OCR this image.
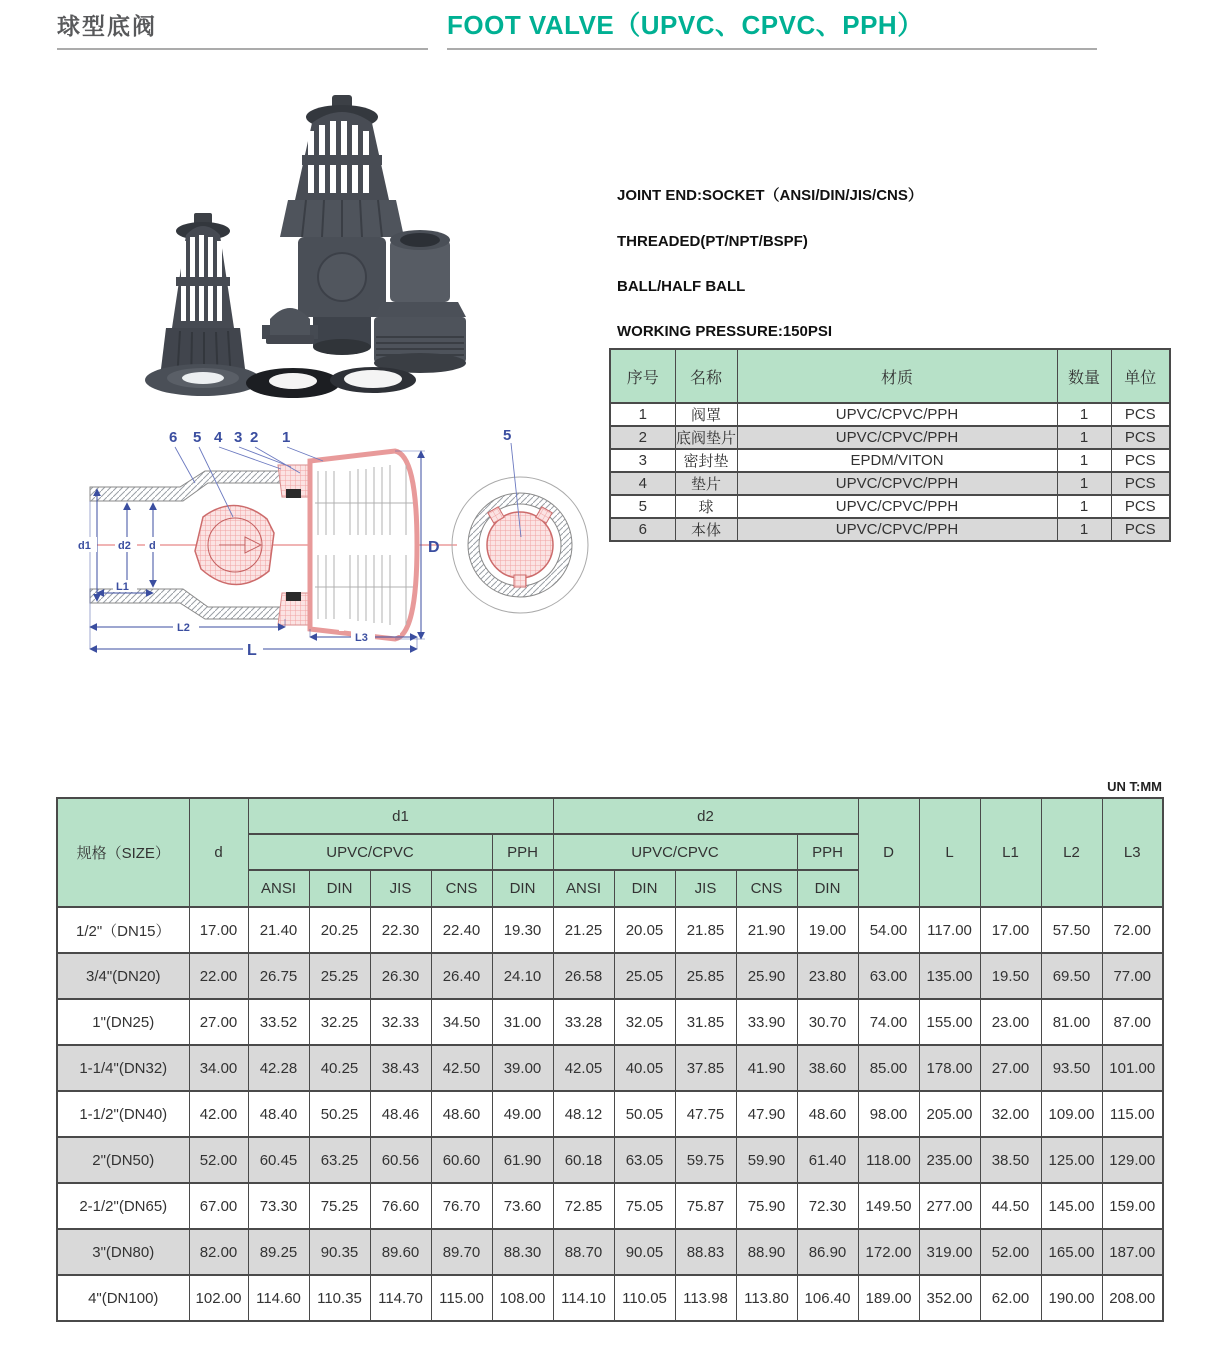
球型底阀	FOOT VALVE（UPVC、CPVC、PPH）
d1 d2 d
L1
L2
L3
L
D
6 5 4 3 2 1	5
JOINT END:SOCKET（ANSI/DIN/JIS/CNS）
THREADED(PT/NPT/BSPF)
BALL/HALF BALL
WORKING PRESSURE:150PSI
序号	名称	材质	数量	单位
1	阀罩	UPVC/CPVC/PPH	1	PCS
2	底阀垫片	UPVC/CPVC/PPH	1	PCS
3	密封垫	EPDM/VITON	1	PCS
4	垫片	UPVC/CPVC/PPH	1	PCS
5	球	UPVC/CPVC/PPH	1	PCS
6	本体	UPVC/CPVC/PPH	1	PCS
UN T:MM
规格（SIZE）	d	d1					d2					D	L	L1	L2	L3
		UPVC/CPVC				PPH	UPVC/CPVC				PPH					
		ANSI	DIN	JIS	CNS	DIN	ANSI	DIN	JIS	CNS	DIN					
1/2"（DN15）	17.00	21.40	20.25	22.30	22.40	19.30	21.25	20.05	21.85	21.90	19.00	54.00	117.00	17.00	57.50	72.00
3/4"(DN20)	22.00	26.75	25.25	26.30	26.40	24.10	26.58	25.05	25.85	25.90	23.80	63.00	135.00	19.50	69.50	77.00
1"(DN25)	27.00	33.52	32.25	32.33	34.50	31.00	33.28	32.05	31.85	33.90	30.70	74.00	155.00	23.00	81.00	87.00
1-1/4"(DN32)	34.00	42.28	40.25	38.43	42.50	39.00	42.05	40.05	37.85	41.90	38.60	85.00	178.00	27.00	93.50	101.00
1-1/2"(DN40)	42.00	48.40	50.25	48.46	48.60	49.00	48.12	50.05	47.75	47.90	48.60	98.00	205.00	32.00	109.00	115.00
2"(DN50)	52.00	60.45	63.25	60.56	60.60	61.90	60.18	63.05	59.75	59.90	61.40	118.00	235.00	38.50	125.00	129.00
2-1/2"(DN65)	67.00	73.30	75.25	76.60	76.70	73.60	72.85	75.05	75.87	75.90	72.30	149.50	277.00	44.50	145.00	159.00
3"(DN80)	82.00	89.25	90.35	89.60	89.70	88.30	88.70	90.05	88.83	88.90	86.90	172.00	319.00	52.00	165.00	187.00
4"(DN100)	102.00	114.60	110.35	114.70	115.00	108.00	114.10	110.05	113.98	113.80	106.40	189.00	352.00	62.00	190.00	208.00
